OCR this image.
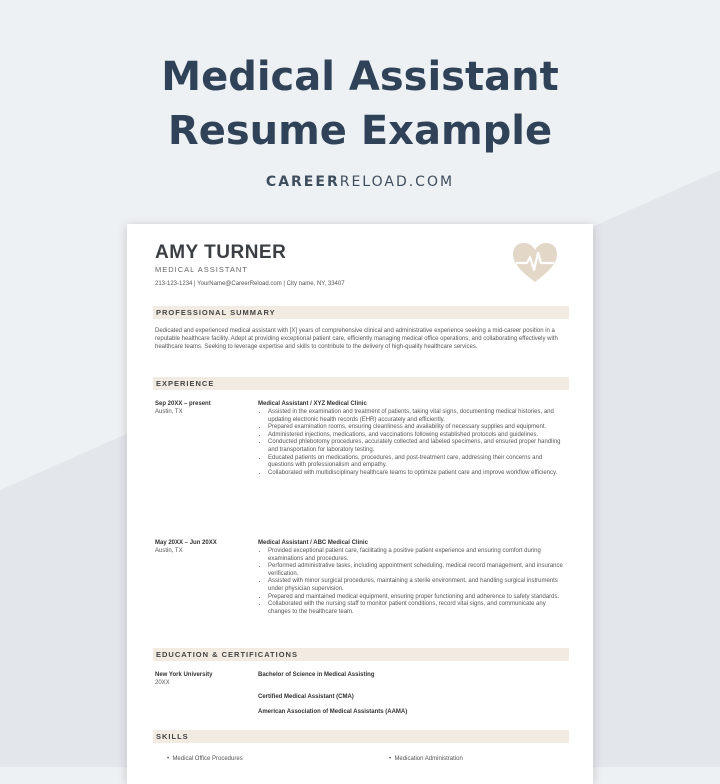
Medical Assistant
Resume Example
CAREERRELOAD.COM
AMY TURNER
MEDICAL ASSISTANT
213-123-1234 | YourName@CareerReload.com | City name, NY, 33407
PROFESSIONAL SUMMARY
Dedicated and experienced medical assistant with [X] years of comprehensive clinical and administrative experience seeking a mid-career position in a reputable healthcare facility. Adept at providing exceptional patient care, efficiently managing medical office operations, and collaborating effectively with healthcare teams. Seeking to leverage expertise and skills to contribute to the delivery of high-quality healthcare services.
EXPERIENCE
Sep 20XX – present
Austin, TX
Medical Assistant / XYZ Medical Clinic
• Assisted in the examination and treatment of patients, taking vital signs, documenting medical histories, and updating electronic health records (EHR) accurately and efficiently.
• Prepared examination rooms, ensuring cleanliness and availability of necessary supplies and equipment.
• Administered injections, medications, and vaccinations following established protocols and guidelines.
• Conducted phlebotomy procedures, accurately collected and labeled specimens, and ensured proper handling and transportation for laboratory testing.
• Educated patients on medications, procedures, and post-treatment care, addressing their concerns and questions with professionalism and empathy.
• Collaborated with multidisciplinary healthcare teams to optimize patient care and improve workflow efficiency.
May 20XX – Jun 20XX
Austin, TX
Medical Assistant / ABC Medical Clinic
• Provided exceptional patient care, facilitating a positive patient experience and ensuring comfort during examinations and procedures.
• Performed administrative tasks, including appointment scheduling, medical record management, and insurance verification.
• Assisted with minor surgical procedures, maintaining a sterile environment, and handling surgical instruments under physician supervision.
• Prepared and maintained medical equipment, ensuring proper functioning and adherence to safety standards.
• Collaborated with the nursing staff to monitor patient conditions, record vital signs, and communicate any changes to the healthcare team.
EDUCATION & CERTIFICATIONS
New York University
20XX
Bachelor of Science in Medical Assisting
Certified Medical Assistant (CMA)
American Association of Medical Assistants (AAMA)
SKILLS
•  Medical Office Procedures	•  Medication Administration
